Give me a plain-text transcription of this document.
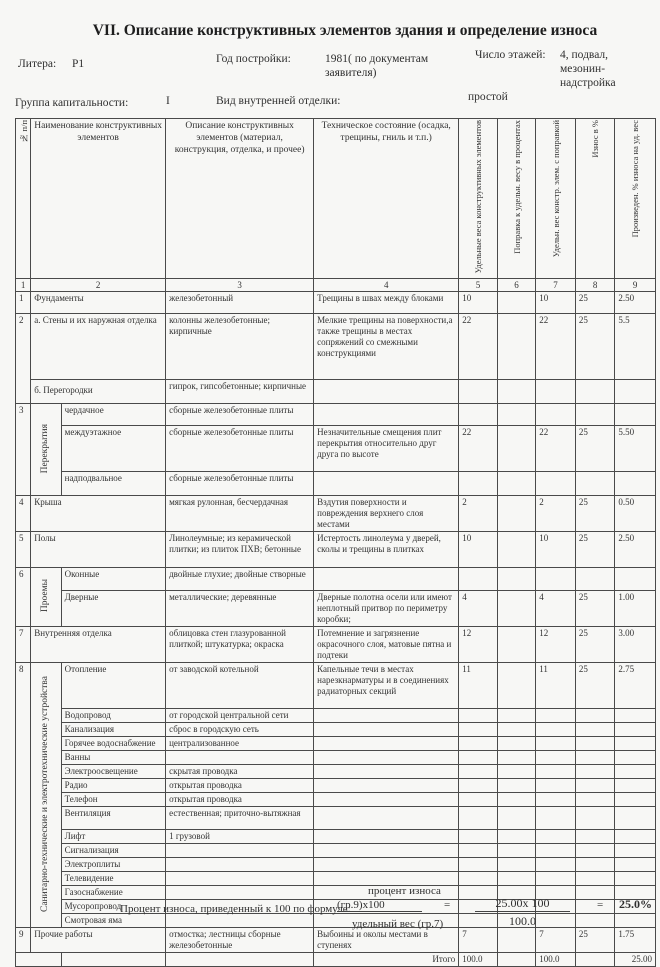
VII. Описание конструктивных элементов здания и определение износа
Литера: Р1	Год постройки:	1981( по документам заявителя)
Число этажей: 4, подвал, мезонин-надстройка
Группа капитальности:	I	Вид внутренней отделки:	простой
№ п/п	Наименование конструктивных элементов		Описание конструктивных элементов (материал, конструкция, отделка, и прочее)	Техническое состояние (осадка, трещины, гниль и т.п.)	Удельные веса конструктивных элементов	Поправка к удельн. весу в процентах	Удельн. вес констр. элем. с поправкой	Износ в %	Произведен. % износа на уд. вес
1	2		3	4	5	6	7	8	9
1	Фундаменты		железобетонный	Трещины в швах между блоками	10		10	25	2.50
2	а. Стены и их наружная отделка		колонны железобетонные; кирпичные	Мелкие трещины на поверхности,а также трещины в местах сопряжений со смежными конструкциями	22		22	25	5.5
	б. Перегородки		гипрок, гипсобетонные; кирпичные						
3	Перекрытия	чердачное	сборные железобетонные плиты						
		междуэтажное	сборные железобетонные плиты	Незначительные смещения плит перекрытия относительно друг друга по высоте	22		22	25	5.50
		надподвальное	сборные железобетонные плиты						
4	Крыша		мягкая рулонная, бесчердачная	Вздутия поверхности и повреждения верхнего слоя местами	2		2	25	0.50
5	Полы		Линолеумные; из керамической плитки; из плиток ПХВ; бетонные	Истертость линолеума у дверей, сколы и трещины в плитках	10		10	25	2.50
6	Проемы	Оконные	двойные глухие; двойные створные						
		Дверные	металлические; деревянные	Дверные полотна осели или имеют неплотный притвор по периметру коробки;	4		4	25	1.00
7	Внутренняя отделка		облицовка стен глазурованной плиткой; штукатурка; окраска	Потемнение и загрязнение окрасочного слоя, матовые пятна и подтеки	12		12	25	3.00
8	Санитарно-технические и электротехнические устройства	Отопление	от заводской котельной	Капельные течи в местах нарезкнарматуры и в соединениях радиаторных секций	11		11	25	2.75
		Водопровод	от городской центральной сети						
		Канализация	сброс в городскую сеть						
		Горячее водоснабжение	централизованное						
		Ванны							
		Электроосвещение	скрытая проводка						
		Радио	открытая проводка						
		Телефон	открытая проводка						
		Вентиляция	естественная; приточно-вытяжная						
		Лифт	1 грузовой						
		Сигнализация							
		Электроплиты							
		Телевидение							
		Газоснабжение							
		Мусоропровод							
		Смотровая яма							
9	Прочие работы		отмостка; лестницы сборные железобетонные	Выбоины и околы местами в ступенях	7		7	25	1.75
				Итого	100.0		100.0		25.00
Процент износа, приведенный к 100 по формуле:
процент износа
(гр.9)х100
удельный вес (гр.7)
=	25.00х 100
100.0
= 25.0%
